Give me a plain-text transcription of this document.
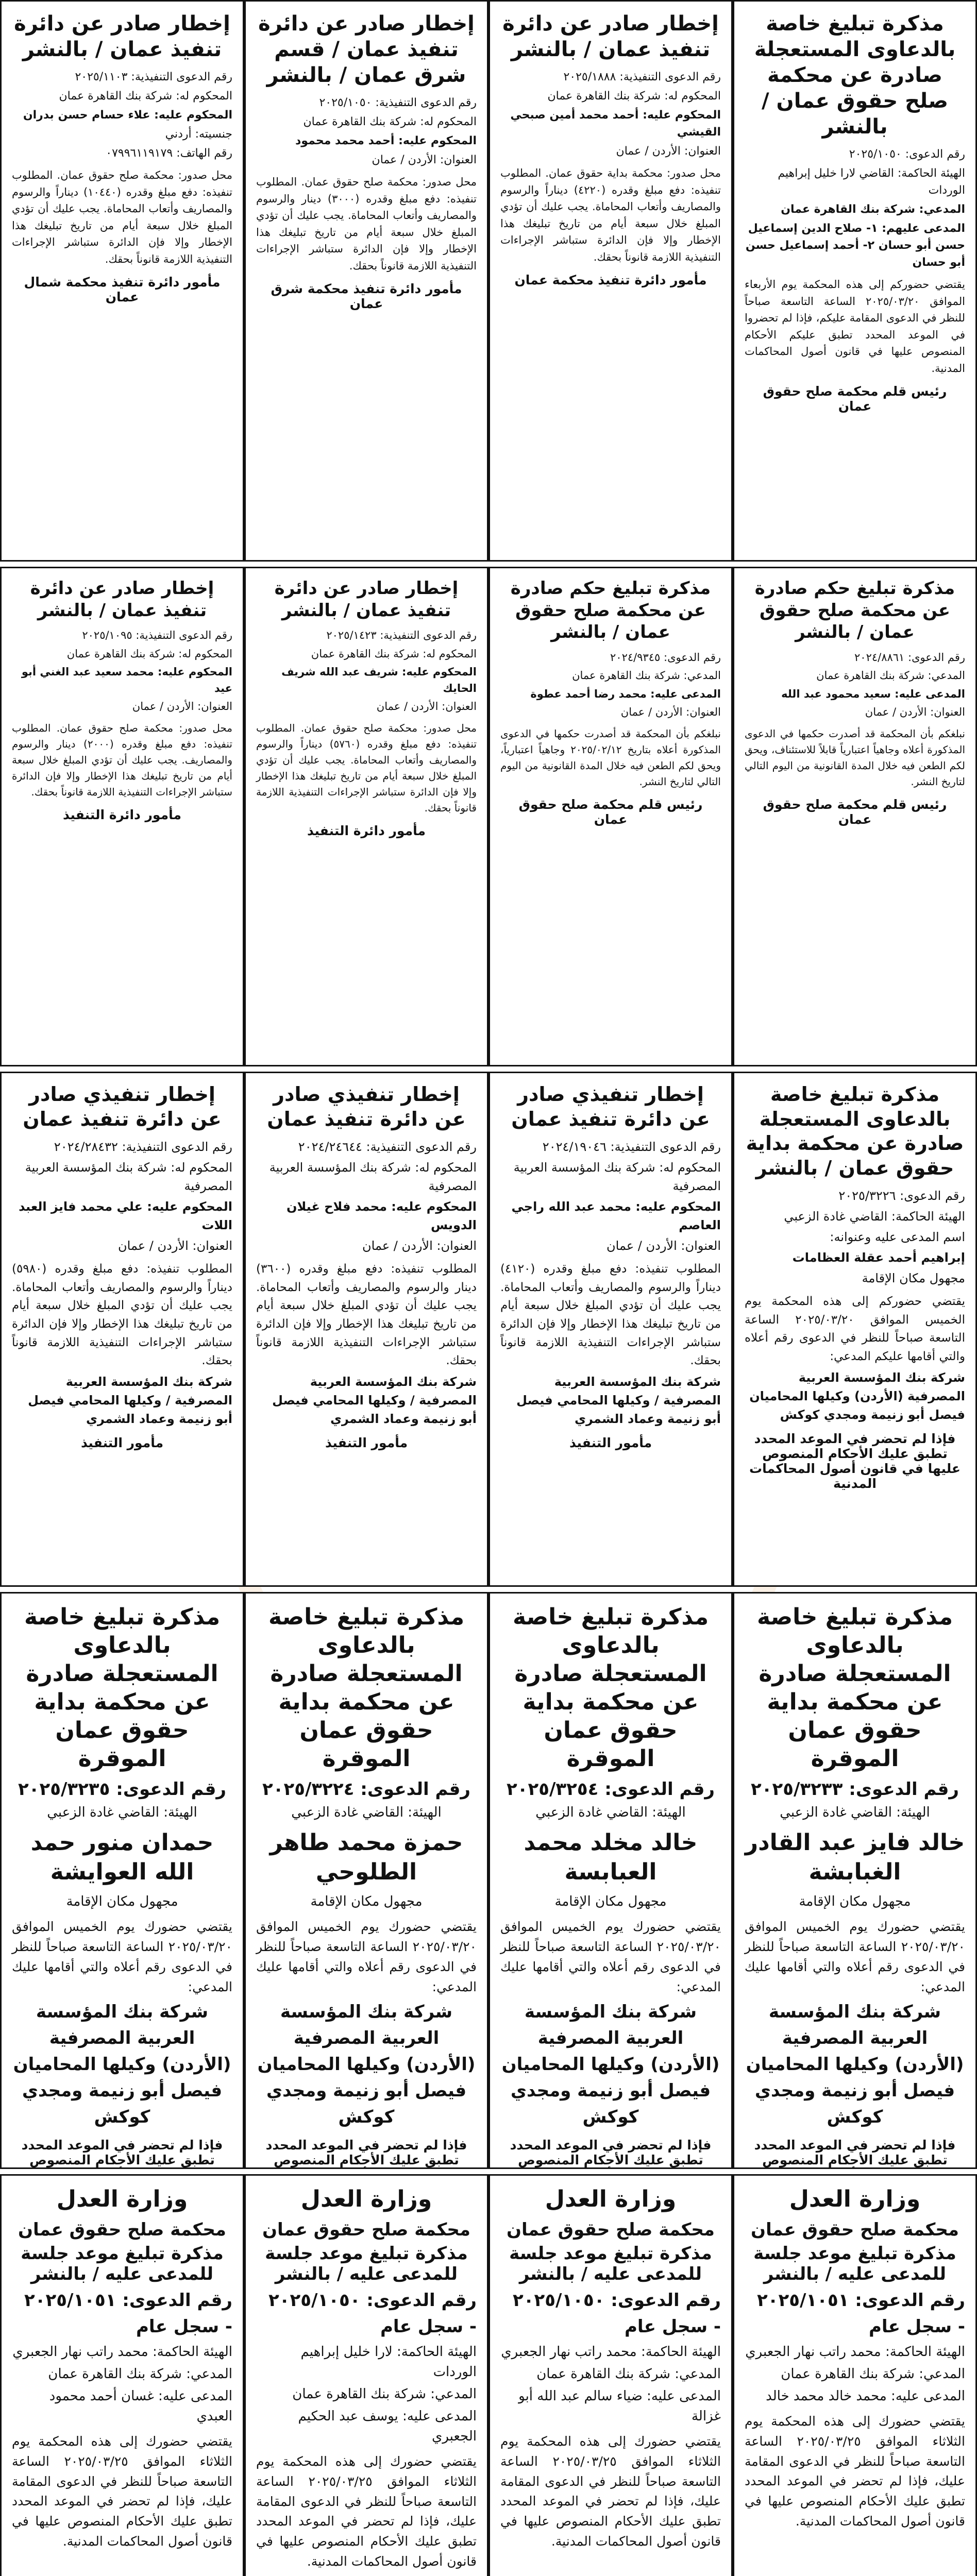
مذكرة تبليغ خاصة بالدعاوى المستعجلة صادرة عن محكمة صلح حقوق عمان / بالنشر
رقم الدعوى: ٢٠٢٥/١٠٥٠
الهيئة الحاكمة: القاضي لارا خليل إبراهيم الوردات
المدعي: شركة بنك القاهرة عمان
المدعى عليهم: ١- صلاح الدين إسماعيل حسن أبو حسان ٢- أحمد إسماعيل حسن أبو حسان
يقتضي حضوركم إلى هذه المحكمة يوم الأربعاء الموافق ٢٠٢٥/٠٣/٢٠ الساعة التاسعة صباحاً للنظر في الدعوى المقامة عليكم، فإذا لم تحضروا في الموعد المحدد تطبق عليكم الأحكام المنصوص عليها في قانون أصول المحاكمات المدنية.
رئيس قلم محكمة صلح حقوق عمان
إخطار صادر عن دائرة تنفيذ عمان / بالنشر
رقم الدعوى التنفيذية: ٢٠٢٥/١٨٨٨
المحكوم له: شركة بنك القاهرة عمان
المحكوم عليه: أحمد محمد أمين صبحي القيشي
العنوان: الأردن / عمان
محل صدور: محكمة بداية حقوق عمان. المطلوب تنفيذه: دفع مبلغ وقدره (٤٢٢٠) ديناراً والرسوم والمصاريف وأتعاب المحاماة. يجب عليك أن تؤدي المبلغ خلال سبعة أيام من تاريخ تبليغك هذا الإخطار وإلا فإن الدائرة ستباشر الإجراءات التنفيذية اللازمة قانوناً بحقك.
مأمور دائرة تنفيذ محكمة عمان
إخطار صادر عن دائرة تنفيذ عمان / قسم شرق عمان / بالنشر
رقم الدعوى التنفيذية: ٢٠٢٥/١٠٥٠
المحكوم له: شركة بنك القاهرة عمان
المحكوم عليه: أحمد محمد محمود
العنوان: الأردن / عمان
محل صدور: محكمة صلح حقوق عمان. المطلوب تنفيذه: دفع مبلغ وقدره (٣٠٠٠) دينار والرسوم والمصاريف وأتعاب المحاماة. يجب عليك أن تؤدي المبلغ خلال سبعة أيام من تاريخ تبليغك هذا الإخطار وإلا فإن الدائرة ستباشر الإجراءات التنفيذية اللازمة قانوناً بحقك.
مأمور دائرة تنفيذ محكمة شرق عمان
إخطار صادر عن دائرة تنفيذ عمان / بالنشر
رقم الدعوى التنفيذية: ٢٠٢٥/١١٠٣
المحكوم له: شركة بنك القاهرة عمان
المحكوم عليه: علاء حسام حسن بدران
جنسيته: أردني
رقم الهاتف: ٠٧٩٩٦١١٩١٧٩
محل صدور: محكمة صلح حقوق عمان. المطلوب تنفيذه: دفع مبلغ وقدره (١٠٤٤٠) ديناراً والرسوم والمصاريف وأتعاب المحاماة. يجب عليك أن تؤدي المبلغ خلال سبعة أيام من تاريخ تبليغك هذا الإخطار وإلا فإن الدائرة ستباشر الإجراءات التنفيذية اللازمة قانوناً بحقك.
مأمور دائرة تنفيذ محكمة شمال عمان
مذكرة تبليغ حكم صادرة عن محكمة صلح حقوق عمان / بالنشر
رقم الدعوى: ٢٠٢٤/٨٨٦١
المدعي: شركة بنك القاهرة عمان
المدعى عليه: سعيد محمود عبد الله
العنوان: الأردن / عمان
نبلغكم بأن المحكمة قد أصدرت حكمها في الدعوى المذكورة أعلاه وجاهياً اعتبارياً قابلاً للاستئناف، ويحق لكم الطعن فيه خلال المدة القانونية من اليوم التالي لتاريخ النشر.
رئيس قلم محكمة صلح حقوق عمان
مذكرة تبليغ حكم صادرة عن محكمة صلح حقوق عمان / بالنشر
رقم الدعوى: ٢٠٢٤/٩٣٤٥
المدعي: شركة بنك القاهرة عمان
المدعى عليه: محمد رضا أحمد عطوة
العنوان: الأردن / عمان
نبلغكم بأن المحكمة قد أصدرت حكمها في الدعوى المذكورة أعلاه بتاريخ ٢٠٢٥/٠٢/١٢ وجاهياً اعتبارياً، ويحق لكم الطعن فيه خلال المدة القانونية من اليوم التالي لتاريخ النشر.
رئيس قلم محكمة صلح حقوق عمان
إخطار صادر عن دائرة تنفيذ عمان / بالنشر
رقم الدعوى التنفيذية: ٢٠٢٥/١٤٢٣
المحكوم له: شركة بنك القاهرة عمان
المحكوم عليه: شريف عبد الله شريف الحايك
العنوان: الأردن / عمان
محل صدور: محكمة صلح حقوق عمان. المطلوب تنفيذه: دفع مبلغ وقدره (٥٧٦٠) ديناراً والرسوم والمصاريف وأتعاب المحاماة. يجب عليك أن تؤدي المبلغ خلال سبعة أيام من تاريخ تبليغك هذا الإخطار وإلا فإن الدائرة ستباشر الإجراءات التنفيذية اللازمة قانوناً بحقك.
مأمور دائرة التنفيذ
إخطار صادر عن دائرة تنفيذ عمان / بالنشر
رقم الدعوى التنفيذية: ٢٠٢٥/١٠٩٥
المحكوم له: شركة بنك القاهرة عمان
المحكوم عليه: محمد سعيد عبد الغني أبو عيد
العنوان: الأردن / عمان
محل صدور: محكمة صلح حقوق عمان. المطلوب تنفيذه: دفع مبلغ وقدره (٢٠٠٠) دينار والرسوم والمصاريف. يجب عليك أن تؤدي المبلغ خلال سبعة أيام من تاريخ تبليغك هذا الإخطار وإلا فإن الدائرة ستباشر الإجراءات التنفيذية اللازمة قانوناً بحقك.
مأمور دائرة التنفيذ
مذكرة تبليغ خاصة بالدعاوى المستعجلة صادرة عن محكمة بداية حقوق عمان / بالنشر
رقم الدعوى: ٢٠٢٥/٣٢٢٦
الهيئة الحاكمة: القاضي غادة الزعبي
اسم المدعى عليه وعنوانه:
إبراهيم أحمد عقلة العظامات
مجهول مكان الإقامة
يقتضي حضوركم إلى هذه المحكمة يوم الخميس الموافق ٢٠٢٥/٠٣/٢٠ الساعة التاسعة صباحاً للنظر في الدعوى رقم أعلاه والتي أقامها عليكم المدعي:
شركة بنك المؤسسة العربية المصرفية (الأردن) وكيلها المحاميان فيصل أبو زنيمة ومجدي كوكش
فإذا لم تحضر في الموعد المحدد تطبق عليك الأحكام المنصوص عليها في قانون أصول المحاكمات المدنية
إخطار تنفيذي صادر عن دائرة تنفيذ عمان
رقم الدعوى التنفيذية: ٢٠٢٤/١٩٠٤٦
المحكوم له: شركة بنك المؤسسة العربية المصرفية
المحكوم عليه: محمد عبد الله راجي العاصم
العنوان: الأردن / عمان
المطلوب تنفيذه: دفع مبلغ وقدره (٤١٢٠) ديناراً والرسوم والمصاريف وأتعاب المحاماة. يجب عليك أن تؤدي المبلغ خلال سبعة أيام من تاريخ تبليغك هذا الإخطار وإلا فإن الدائرة ستباشر الإجراءات التنفيذية اللازمة قانوناً بحقك.
شركة بنك المؤسسة العربية المصرفية / وكيلها المحامي فيصل أبو زنيمة وعماد الشمري
مأمور التنفيذ
إخطار تنفيذي صادر عن دائرة تنفيذ عمان
رقم الدعوى التنفيذية: ٢٠٢٤/٢٤٦٤٤
المحكوم له: شركة بنك المؤسسة العربية المصرفية
المحكوم عليه: محمد فلاح غيلان الدويس
العنوان: الأردن / عمان
المطلوب تنفيذه: دفع مبلغ وقدره (٣٦٠٠) دينار والرسوم والمصاريف وأتعاب المحاماة. يجب عليك أن تؤدي المبلغ خلال سبعة أيام من تاريخ تبليغك هذا الإخطار وإلا فإن الدائرة ستباشر الإجراءات التنفيذية اللازمة قانوناً بحقك.
شركة بنك المؤسسة العربية المصرفية / وكيلها المحامي فيصل أبو زنيمة وعماد الشمري
مأمور التنفيذ
إخطار تنفيذي صادر عن دائرة تنفيذ عمان
رقم الدعوى التنفيذية: ٢٠٢٤/٢٨٤٣٢
المحكوم له: شركة بنك المؤسسة العربية المصرفية
المحكوم عليه: علي محمد فايز العبد اللات
العنوان: الأردن / عمان
المطلوب تنفيذه: دفع مبلغ وقدره (٥٩٨٠) ديناراً والرسوم والمصاريف وأتعاب المحاماة. يجب عليك أن تؤدي المبلغ خلال سبعة أيام من تاريخ تبليغك هذا الإخطار وإلا فإن الدائرة ستباشر الإجراءات التنفيذية اللازمة قانوناً بحقك.
شركة بنك المؤسسة العربية المصرفية / وكيلها المحامي فيصل أبو زنيمة وعماد الشمري
مأمور التنفيذ
مذكرة تبليغ خاصة بالدعاوى المستعجلة صادرة عن محكمة بداية حقوق عمان الموقرة
رقم الدعوى: ٢٠٢٥/٣٢٣٣
الهيئة: القاضي غادة الزعبي
خالد فايز عبد القادر الغبابشة
مجهول مكان الإقامة
يقتضي حضورك يوم الخميس الموافق ٢٠٢٥/٠٣/٢٠ الساعة التاسعة صباحاً للنظر في الدعوى رقم أعلاه والتي أقامها عليك المدعي:
شركة بنك المؤسسة العربية المصرفية (الأردن) وكيلها المحاميان فيصل أبو زنيمة ومجدي كوكش
فإذا لم تحضر في الموعد المحدد تطبق عليك الأحكام المنصوص
مذكرة تبليغ خاصة بالدعاوى المستعجلة صادرة عن محكمة بداية حقوق عمان الموقرة
رقم الدعوى: ٢٠٢٥/٣٢٥٤
الهيئة: القاضي غادة الزعبي
خالد مخلد محمد العبابسة
مجهول مكان الإقامة
يقتضي حضورك يوم الخميس الموافق ٢٠٢٥/٠٣/٢٠ الساعة التاسعة صباحاً للنظر في الدعوى رقم أعلاه والتي أقامها عليك المدعي:
شركة بنك المؤسسة العربية المصرفية (الأردن) وكيلها المحاميان فيصل أبو زنيمة ومجدي كوكش
فإذا لم تحضر في الموعد المحدد تطبق عليك الأحكام المنصوص
مذكرة تبليغ خاصة بالدعاوى المستعجلة صادرة عن محكمة بداية حقوق عمان الموقرة
رقم الدعوى: ٢٠٢٥/٣٢٢٤
الهيئة: القاضي غادة الزعبي
حمزة محمد طاهر الطلوحي
مجهول مكان الإقامة
يقتضي حضورك يوم الخميس الموافق ٢٠٢٥/٠٣/٢٠ الساعة التاسعة صباحاً للنظر في الدعوى رقم أعلاه والتي أقامها عليك المدعي:
شركة بنك المؤسسة العربية المصرفية (الأردن) وكيلها المحاميان فيصل أبو زنيمة ومجدي كوكش
فإذا لم تحضر في الموعد المحدد تطبق عليك الأحكام المنصوص
مذكرة تبليغ خاصة بالدعاوى المستعجلة صادرة عن محكمة بداية حقوق عمان الموقرة
رقم الدعوى: ٢٠٢٥/٣٢٣٥
الهيئة: القاضي غادة الزعبي
حمدان منور حمد الله العوايشة
مجهول مكان الإقامة
يقتضي حضورك يوم الخميس الموافق ٢٠٢٥/٠٣/٢٠ الساعة التاسعة صباحاً للنظر في الدعوى رقم أعلاه والتي أقامها عليك المدعي:
شركة بنك المؤسسة العربية المصرفية (الأردن) وكيلها المحاميان فيصل أبو زنيمة ومجدي كوكش
فإذا لم تحضر في الموعد المحدد تطبق عليك الأحكام المنصوص
وزارة العدل
محكمة صلح حقوق عمان
مذكرة تبليغ موعد جلسة للمدعى عليه / بالنشر
رقم الدعوى: ٢٠٢٥/١٠٥١ - سجل عام
الهيئة الحاكمة: محمد راتب نهار الجعبري
المدعي: شركة بنك القاهرة عمان
المدعى عليه: محمد خالد محمد خالد
يقتضي حضورك إلى هذه المحكمة يوم الثلاثاء الموافق ٢٠٢٥/٠٣/٢٥ الساعة التاسعة صباحاً للنظر في الدعوى المقامة عليك، فإذا لم تحضر في الموعد المحدد تطبق عليك الأحكام المنصوص عليها في قانون أصول المحاكمات المدنية.
وزارة العدل
محكمة صلح حقوق عمان
مذكرة تبليغ موعد جلسة للمدعى عليه / بالنشر
رقم الدعوى: ٢٠٢٥/١٠٥٠ - سجل عام
الهيئة الحاكمة: محمد راتب نهار الجعبري
المدعي: شركة بنك القاهرة عمان
المدعى عليه: ضياء سالم عبد الله أبو غزالة
يقتضي حضورك إلى هذه المحكمة يوم الثلاثاء الموافق ٢٠٢٥/٠٣/٢٥ الساعة التاسعة صباحاً للنظر في الدعوى المقامة عليك، فإذا لم تحضر في الموعد المحدد تطبق عليك الأحكام المنصوص عليها في قانون أصول المحاكمات المدنية.
وزارة العدل
محكمة صلح حقوق عمان
مذكرة تبليغ موعد جلسة للمدعى عليه / بالنشر
رقم الدعوى: ٢٠٢٥/١٠٥٠ - سجل عام
الهيئة الحاكمة: لارا خليل إبراهيم الوردات
المدعي: شركة بنك القاهرة عمان
المدعى عليه: يوسف عبد الحكيم الجعبري
يقتضي حضورك إلى هذه المحكمة يوم الثلاثاء الموافق ٢٠٢٥/٠٣/٢٥ الساعة التاسعة صباحاً للنظر في الدعوى المقامة عليك، فإذا لم تحضر في الموعد المحدد تطبق عليك الأحكام المنصوص عليها في قانون أصول المحاكمات المدنية.
وزارة العدل
محكمة صلح حقوق عمان
مذكرة تبليغ موعد جلسة للمدعى عليه / بالنشر
رقم الدعوى: ٢٠٢٥/١٠٥١ - سجل عام
الهيئة الحاكمة: محمد راتب نهار الجعبري
المدعي: شركة بنك القاهرة عمان
المدعى عليه: غسان أحمد محمود العبدي
يقتضي حضورك إلى هذه المحكمة يوم الثلاثاء الموافق ٢٠٢٥/٠٣/٢٥ الساعة التاسعة صباحاً للنظر في الدعوى المقامة عليك، فإذا لم تحضر في الموعد المحدد تطبق عليك الأحكام المنصوص عليها في قانون أصول المحاكمات المدنية.
